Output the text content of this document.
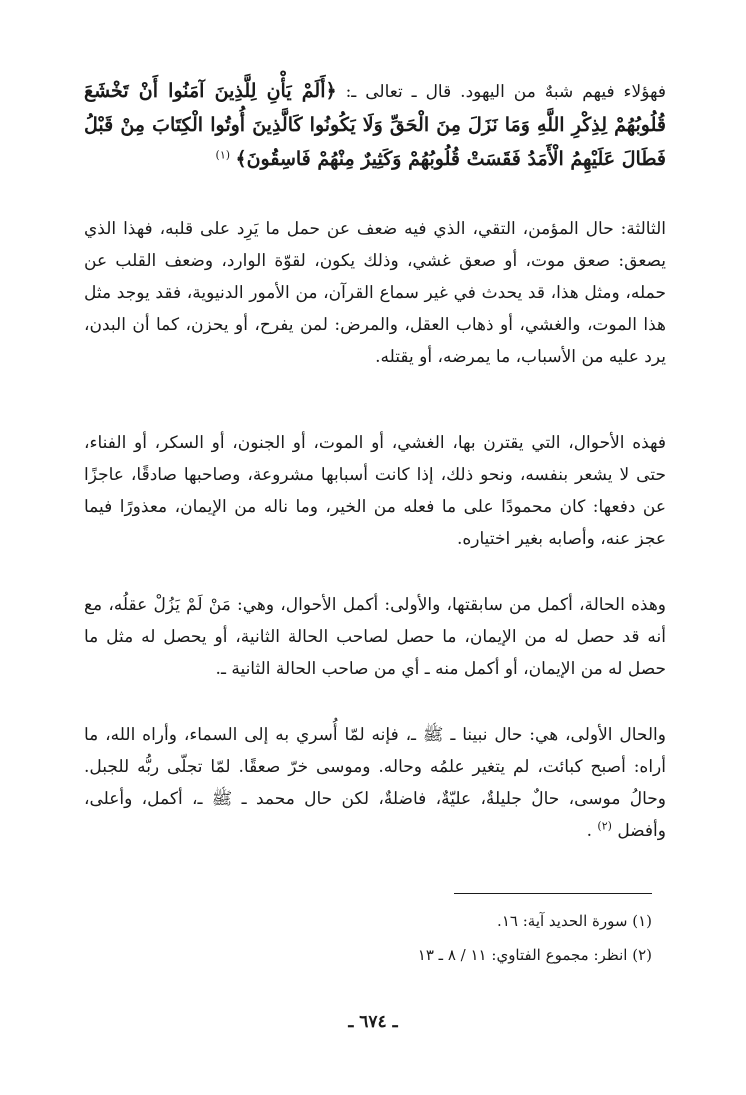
فهؤلاء فيهم شبهٌ من اليهود. قال ـ تعالى ـ: ﴿أَلَمْ يَأْنِ لِلَّذِينَ آمَنُوا أَنْ تَخْشَعَ قُلُوبُهُمْ لِذِكْرِ اللَّهِ وَمَا نَزَلَ مِنَ الْحَقِّ وَلَا يَكُونُوا كَالَّذِينَ أُوتُوا الْكِتَابَ مِنْ قَبْلُ فَطَالَ عَلَيْهِمُ الْأَمَدُ فَقَسَتْ قُلُوبُهُمْ وَكَثِيرٌ مِنْهُمْ فَاسِقُونَ﴾ $^{(١)}$

الثالثة: حال المؤمن، التقي، الذي فيه ضعف عن حمل ما يَرِد على قلبه، فهذا الذي يصعق: صعق موت، أو صعق غشي، وذلك يكون، لقوّة الوارد، وضعف القلب عن حمله، ومثل هذا، قد يحدث في غير سماع القرآن، من الأمور الدنيوية، فقد يوجد مثل هذا الموت، والغشي، أو ذهاب العقل، والمرض: لمن يفرح، أو يحزن، كما أن البدن، يرد عليه من الأسباب، ما يمرضه، أو يقتله.

فهذه الأحوال، التي يقترن بها، الغشي، أو الموت، أو الجنون، أو السكر، أو الفناء، حتى لا يشعر بنفسه، ونحو ذلك، إذا كانت أسبابها مشروعة، وصاحبها صادقًا، عاجزًا عن دفعها: كان محمودًا على ما فعله من الخير، وما ناله من الإيمان، معذورًا فيما عجز عنه، وأصابه بغير اختياره.

وهذه الحالة، أكمل من سابقتها، والأولى: أكمل الأحوال، وهي: مَنْ لَمْ يَزُلْ عقلُه، مع أنه قد حصل له من الإيمان، ما حصل لصاحب الحالة الثانية، أو يحصل له مثل ما حصل له من الإيمان، أو أكمل منه ـ أي من صاحب الحالة الثانية ـ.

والحال الأولى، هي: حال نبينا ـ ﷺ ـ، فإنه لمّا أُسري به إلى السماء، وأراه الله، ما أراه: أصبح كبائت، لم يتغير علمُه وحاله. وموسى خرّ صعقًا. لمّا تجلّى ربُّه للجبل. وحالُ موسى، حالٌ جليلةٌ، عليّةٌ، فاضلةٌ، لكن حال محمد ـ ﷺ ـ، أكمل، وأعلى، وأفضل $^{(٢)}$ .

(١) سورة الحديد آية: ١٦.
(٢) انظر: مجموع الفتاوي: ١١ / ٨ ـ ١٣
ـ ٦٧٤ ـ
